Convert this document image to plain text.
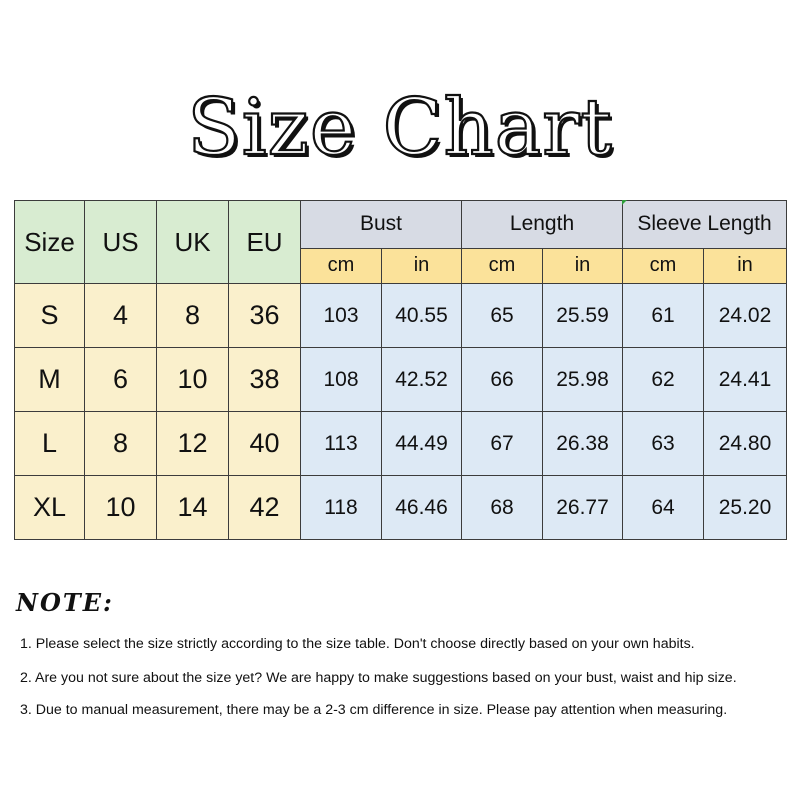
Size Chart
Size	US	UK	EU	Bust		Length		Sleeve Length	
				cm	in	cm	in	cm	in
S	4	8	36	103	40.55	65	25.59	61	24.02
M	6	10	38	108	42.52	66	25.98	62	24.41
L	8	12	40	113	44.49	67	26.38	63	24.80
XL	10	14	42	118	46.46	68	26.77	64	25.20
NOTE:
1. Please select the size strictly according to the size table. Don't choose directly based on your own habits.
2. Are you not sure about the size yet? We are happy to make suggestions based on your bust, waist and hip size.
3. Due to manual measurement, there may be a 2-3 cm difference in size. Please pay attention when measuring.
